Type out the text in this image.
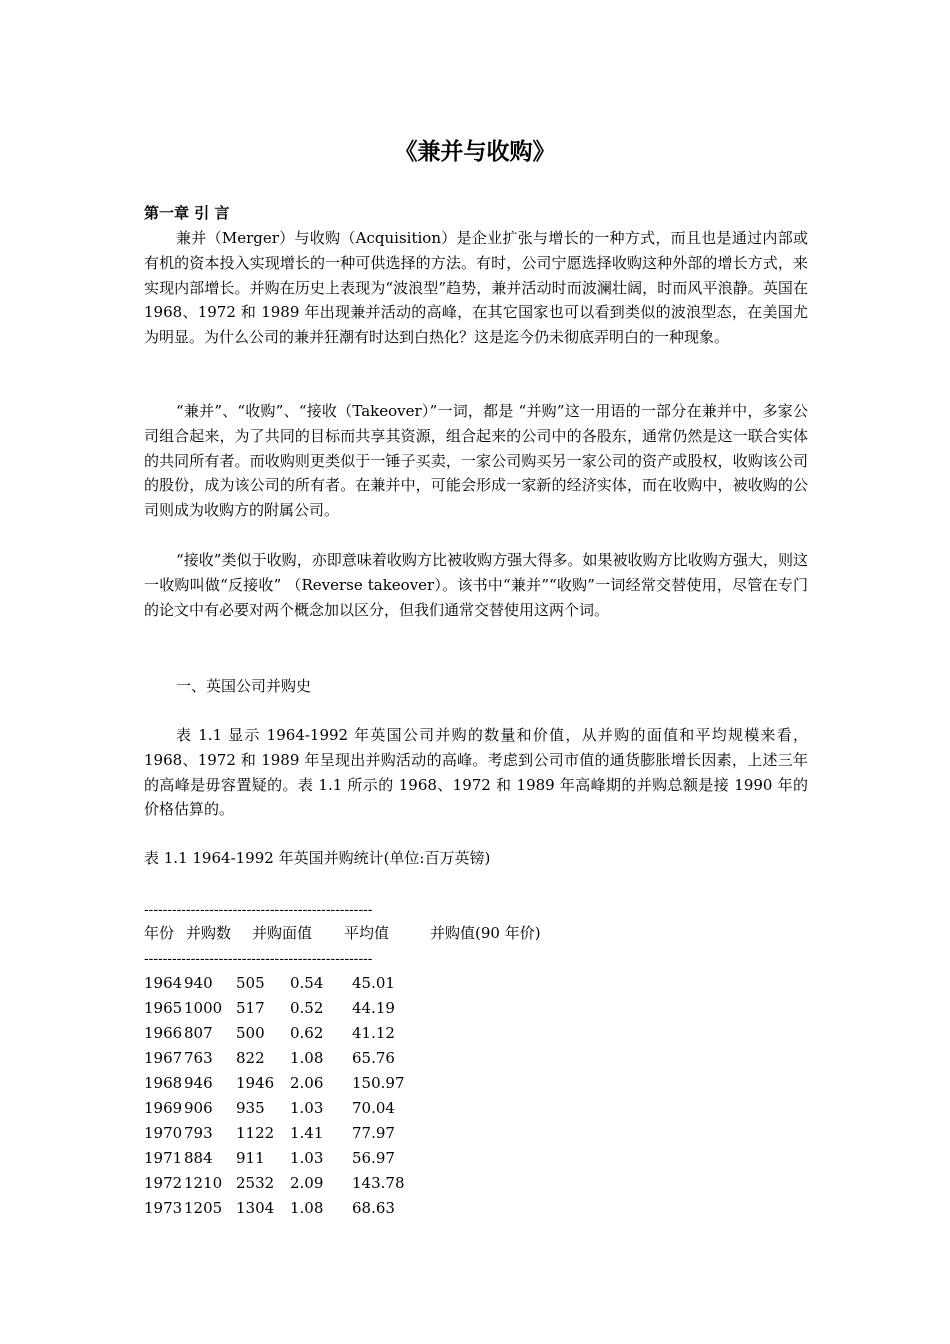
《兼并与收购》
第一章 引 言
兼并（Merger）与收购（Acquisition）是企业扩张与增长的一种方式，而且也是通过内部或有机的资本投入实现增长的一种可供选择的方法。有时，公司宁愿选择收购这种外部的增长方式，来实现内部增长。并购在历史上表现为“波浪型”趋势，兼并活动时而波澜壮阔，时而风平浪静。英国在 1968、1972 和 1989 年出现兼并活动的高峰，在其它国家也可以看到类似的波浪型态，在美国尤为明显。为什么公司的兼并狂潮有时达到白热化？这是迄今仍未彻底弄明白的一种现象。
“兼并”、“收购”、“接收（Takeover）”一词，都是 “并购”这一用语的一部分在兼并中，多家公司组合起来，为了共同的目标而共享其资源，组合起来的公司中的各股东，通常仍然是这一联合实体的共同所有者。而收购则更类似于一锤子买卖，一家公司购买另一家公司的资产或股权，收购该公司的股份，成为该公司的所有者。在兼并中，可能会形成一家新的经济实体，而在收购中，被收购的公司则成为收购方的附属公司。
“接收”类似于收购，亦即意味着收购方比被收购方强大得多。如果被收购方比收购方强大，则这一收购叫做“反接收” （Reverse takeover）。该书中“兼并”“收购”一词经常交替使用，尽管在专门的论文中有必要对两个概念加以区分，但我们通常交替使用这两个词。
一、英国公司并购史
表 1.1 显示 1964-1992 年英国公司并购的数量和价值，从并购的面值和平均规模来看，1968、1972 和 1989 年呈现出并购活动的高峰。考虑到公司市值的通货膨胀增长因素，上述三年的高峰是毋容置疑的。表 1.1 所示的 1968、1972 和 1989 年高峰期的并购总额是接 1990 年的价格估算的。
表 1.1 1964-1992 年英国并购统计(单位:百万英镑)
-------------------------------------------------
年份 并购数 并购面值 平均值	并购值(90 年价)
-------------------------------------------------
1964 940 505 0.54 45.01
1965 1000 517 0.52 44.19
1966 807 500 0.62 41.12
1967 763 822 1.08 65.76
1968 946 1946 2.06 150.97
1969 906 935 1.03 70.04
1970 793 1122 1.41 77.97
1971 884 911 1.03 56.97
1972 1210 2532 2.09 143.78
1973 1205 1304 1.08 68.63
